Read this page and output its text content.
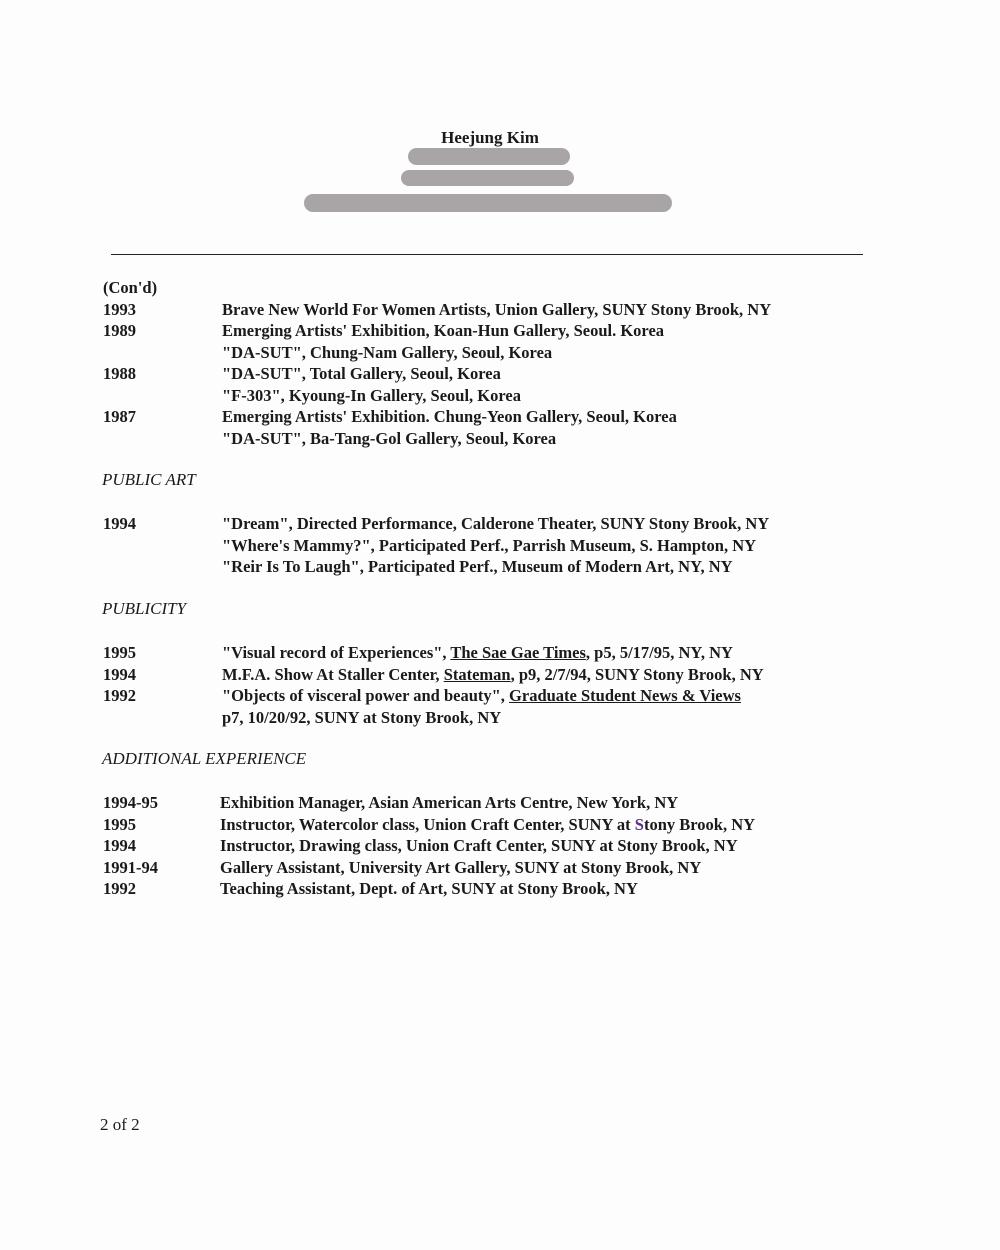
Heejung Kim
(Con'd)
1993	Brave New World For Women Artists, Union Gallery, SUNY Stony Brook, NY
1989	Emerging Artists' Exhibition, Koan-Hun Gallery, Seoul. Korea
"DA-SUT", Chung-Nam Gallery, Seoul, Korea
1988	"DA-SUT", Total Gallery, Seoul, Korea
"F-303", Kyoung-In Gallery, Seoul, Korea
1987	Emerging Artists' Exhibition. Chung-Yeon Gallery, Seoul, Korea
"DA-SUT", Ba-Tang-Gol Gallery, Seoul, Korea
PUBLIC ART
1994	"Dream", Directed Performance, Calderone Theater, SUNY Stony Brook, NY
"Where's Mammy?", Participated Perf., Parrish Museum, S. Hampton, NY
"Reir Is To Laugh", Participated Perf., Museum of Modern Art, NY, NY
PUBLICITY
1995	"Visual record of Experiences", The Sae Gae Times, p5, 5/17/95, NY, NY
1994	M.F.A. Show At Staller Center, Stateman, p9, 2/7/94, SUNY Stony Brook, NY
1992	"Objects of visceral power and beauty", Graduate Student News & Views
p7, 10/20/92, SUNY at Stony Brook, NY
ADDITIONAL EXPERIENCE
1994-95	Exhibition Manager, Asian American Arts Centre, New York, NY
1995	Instructor, Watercolor class, Union Craft Center, SUNY at Stony Brook, NY
1994	Instructor, Drawing class, Union Craft Center, SUNY at Stony Brook, NY
1991-94	Gallery Assistant, University Art Gallery, SUNY at Stony Brook, NY
1992	Teaching Assistant, Dept. of Art, SUNY at Stony Brook, NY
2 of 2
